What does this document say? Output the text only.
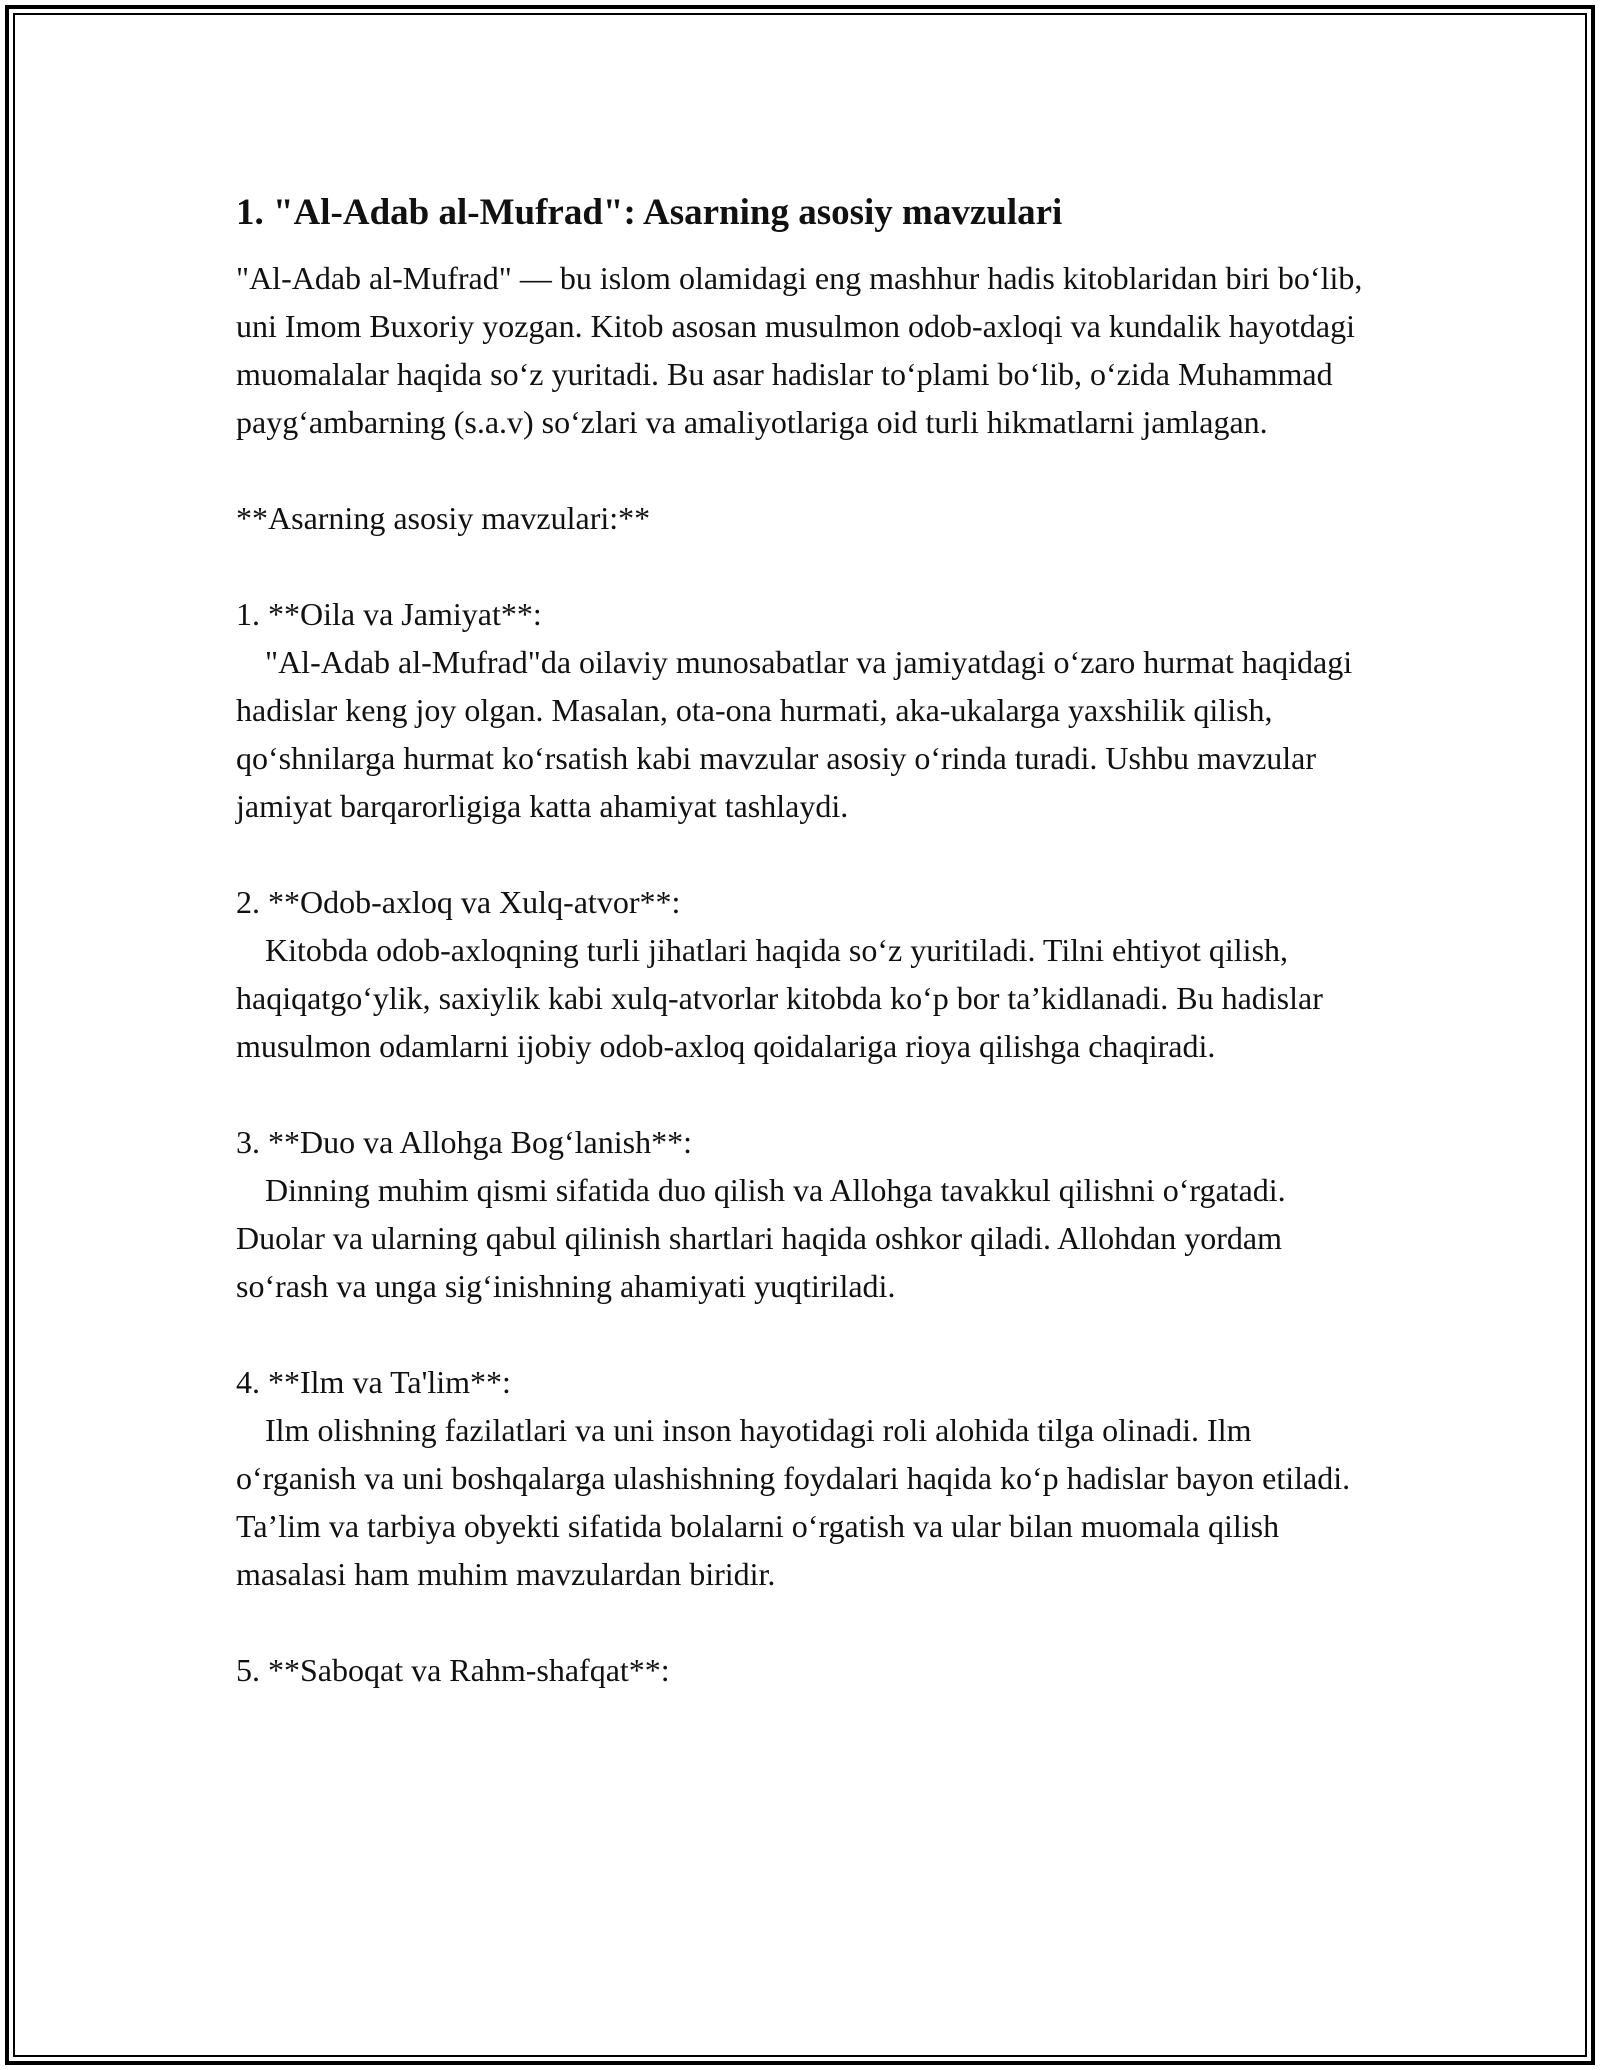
1. "Al-Adab al-Mufrad": Asarning asosiy mavzulari

"Al-Adab al-Mufrad" — bu islom olamidagi eng mashhur hadis kitoblaridan biri bo‘lib, uni Imom Buxoriy yozgan. Kitob asosan musulmon odob-axloqi va kundalik hayotdagi muomalalar haqida so‘z yuritadi. Bu asar hadislar to‘plami bo‘lib, o‘zida Muhammad payg‘ambarning (s.a.v) so‘zlari va amaliyotlariga oid turli hikmatlarni jamlagan.

**Asarning asosiy mavzulari:**

1. **Oila va Jamiyat**:

"Al-Adab al-Mufrad"da oilaviy munosabatlar va jamiyatdagi o‘zaro hurmat haqidagi hadislar keng joy olgan. Masalan, ota-ona hurmati, aka-ukalarga yaxshilik qilish, qo‘shnilarga hurmat ko‘rsatish kabi mavzular asosiy o‘rinda turadi. Ushbu mavzular jamiyat barqarorligiga katta ahamiyat tashlaydi.

2. **Odob-axloq va Xulq-atvor**:

Kitobda odob-axloqning turli jihatlari haqida so‘z yuritiladi. Tilni ehtiyot qilish, haqiqatgo‘ylik, saxiylik kabi xulq-atvorlar kitobda ko‘p bor ta’kidlanadi. Bu hadislar musulmon odamlarni ijobiy odob-axloq qoidalariga rioya qilishga chaqiradi.

3. **Duo va Allohga Bog‘lanish**:

Dinning muhim qismi sifatida duo qilish va Allohga tavakkul qilishni o‘rgatadi. Duolar va ularning qabul qilinish shartlari haqida oshkor qiladi. Allohdan yordam so‘rash va unga sig‘inishning ahamiyati yuqtiriladi.

4. **Ilm va Ta'lim**:

Ilm olishning fazilatlari va uni inson hayotidagi roli alohida tilga olinadi. Ilm o‘rganish va uni boshqalarga ulashishning foydalari haqida ko‘p hadislar bayon etiladi. Ta’lim va tarbiya obyekti sifatida bolalarni o‘rgatish va ular bilan muomala qilish masalasi ham muhim mavzulardan biridir.

5. **Saboqat va Rahm-shafqat**:
